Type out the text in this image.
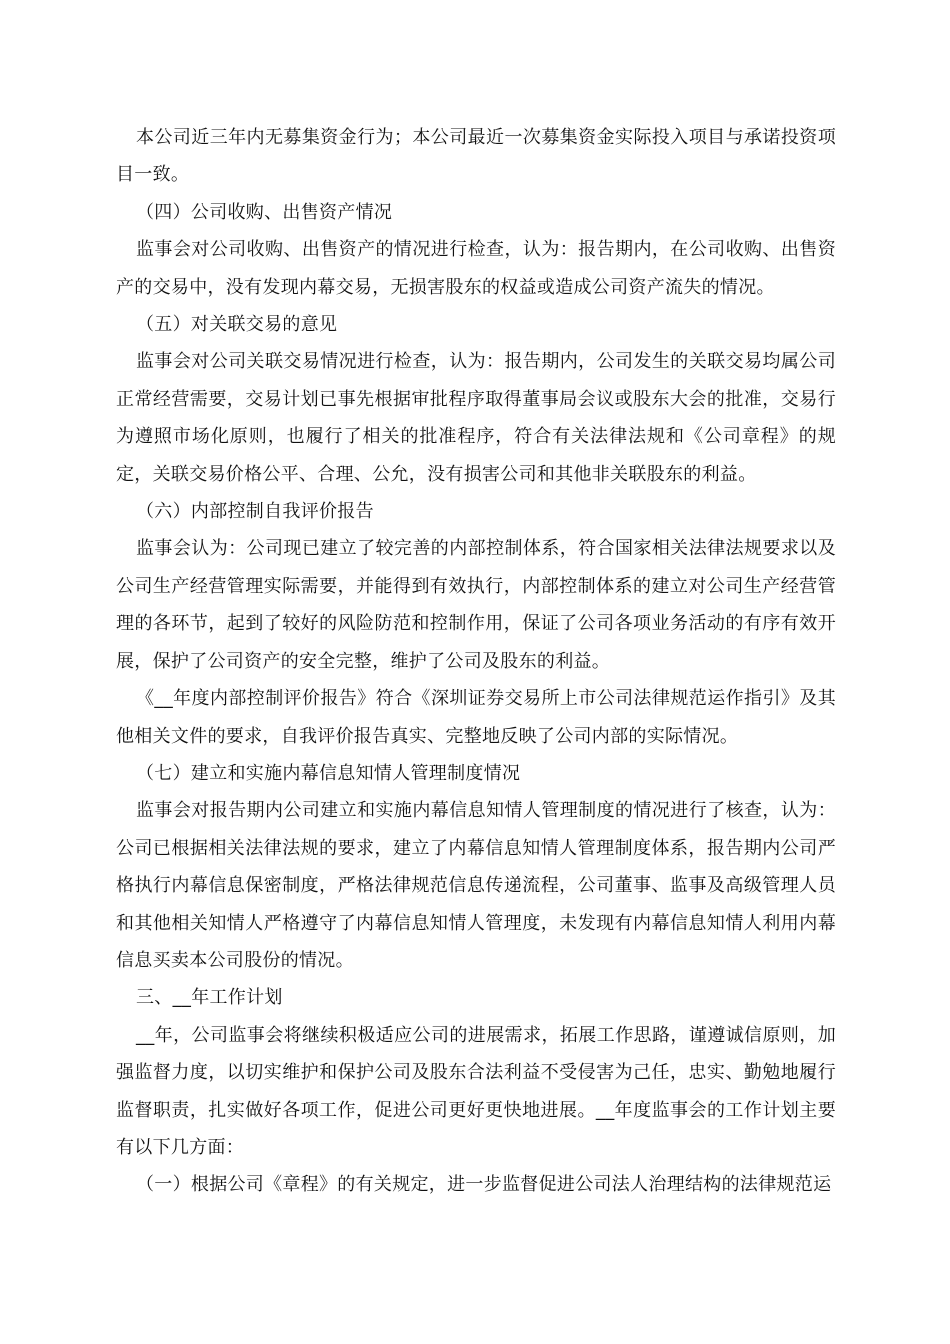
本公司近三年内无募集资金行为；本公司最近一次募集资金实际投入项目与承诺投资项目一致。

（四）公司收购、出售资产情况

监事会对公司收购、出售资产的情况进行检查，认为：报告期内，在公司收购、出售资产的交易中，没有发现内幕交易，无损害股东的权益或造成公司资产流失的情况。

（五）对关联交易的意见

监事会对公司关联交易情况进行检查，认为：报告期内，公司发生的关联交易均属公司正常经营需要，交易计划已事先根据审批程序取得董事局会议或股东大会的批准，交易行为遵照市场化原则，也履行了相关的批准程序，符合有关法律法规和《公司章程》的规定，关联交易价格公平、合理、公允，没有损害公司和其他非关联股东的利益。

（六）内部控制自我评价报告

监事会认为：公司现已建立了较完善的内部控制体系，符合国家相关法律法规要求以及公司生产经营管理实际需要，并能得到有效执行，内部控制体系的建立对公司生产经营管理的各环节，起到了较好的风险防范和控制作用，保证了公司各项业务活动的有序有效开展，保护了公司资产的安全完整，维护了公司及股东的利益。

《__年度内部控制评价报告》符合《深圳证券交易所上市公司法律规范运作指引》及其他相关文件的要求，自我评价报告真实、完整地反映了公司内部的实际情况。

（七）建立和实施内幕信息知情人管理制度情况

监事会对报告期内公司建立和实施内幕信息知情人管理制度的情况进行了核查，认为：公司已根据相关法律法规的要求，建立了内幕信息知情人管理制度体系，报告期内公司严格执行内幕信息保密制度，严格法律规范信息传递流程，公司董事、监事及高级管理人员和其他相关知情人严格遵守了内幕信息知情人管理度，未发现有内幕信息知情人利用内幕信息买卖本公司股份的情况。

三、__年工作计划

__年，公司监事会将继续积极适应公司的进展需求，拓展工作思路，谨遵诚信原则，加强监督力度，以切实维护和保护公司及股东合法利益不受侵害为己任，忠实、勤勉地履行监督职责，扎实做好各项工作，促进公司更好更快地进展。__年度监事会的工作计划主要有以下几方面：

（一）根据公司《章程》的有关规定，进一步监督促进公司法人治理结构的法律规范运
